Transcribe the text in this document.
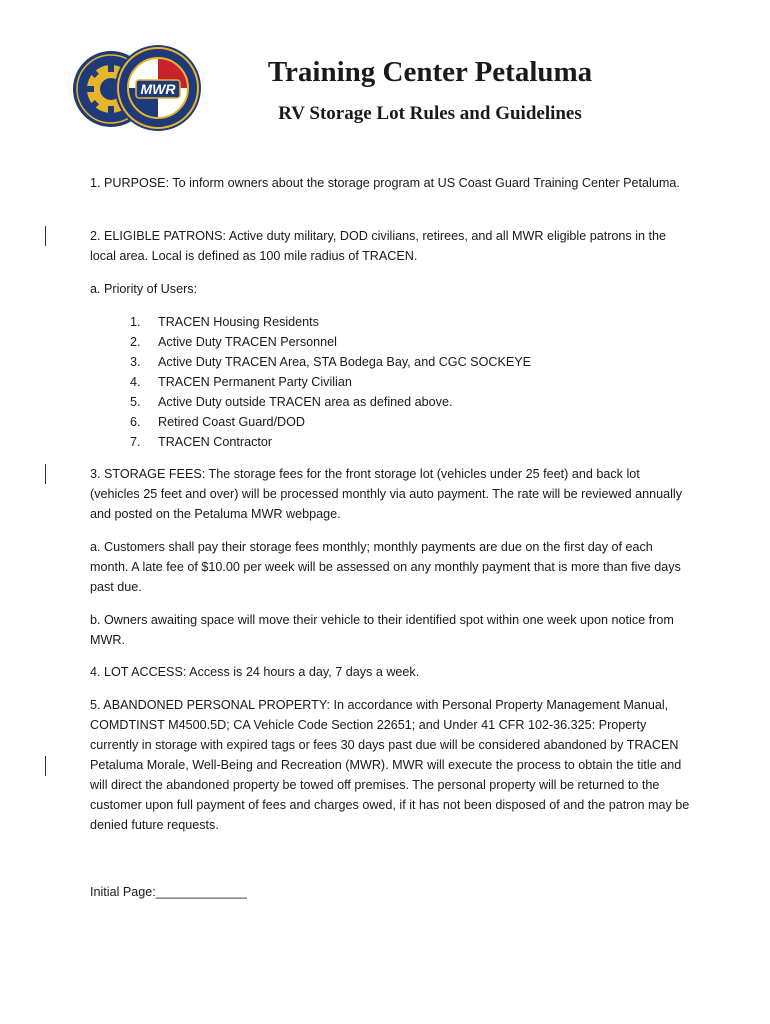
MWR
Training Center Petaluma
RV Storage Lot Rules and Guidelines

1. PURPOSE: To inform owners about the storage program at US Coast Guard Training Center Petaluma.

2. ELIGIBLE PATRONS: Active duty military, DOD civilians, retirees, and all MWR eligible patrons in the local area. Local is defined as 100 mile radius of TRACEN.

a. Priority of Users:

1.	TRACEN Housing Residents
2.	Active Duty TRACEN Personnel
3.	Active Duty TRACEN Area, STA Bodega Bay, and CGC SOCKEYE
4.	TRACEN Permanent Party Civilian
5.	Active Duty outside TRACEN area as defined above.
6.	Retired Coast Guard/DOD
7.	TRACEN Contractor

3. STORAGE FEES: The storage fees for the front storage lot (vehicles under 25 feet) and back lot (vehicles 25 feet and over) will be processed monthly via auto payment. The rate will be reviewed annually and posted on the Petaluma MWR webpage.

a. Customers shall pay their storage fees monthly; monthly payments are due on the first day of each month. A late fee of $10.00 per week will be assessed on any monthly payment that is more than five days past due.

b. Owners awaiting space will move their vehicle to their identified spot within one week upon notice from MWR.

4. LOT ACCESS: Access is 24 hours a day, 7 days a week.

5. ABANDONED PERSONAL PROPERTY: In accordance with Personal Property Management Manual, COMDTINST M4500.5D; CA Vehicle Code Section 22651; and Under 41 CFR 102-36.325: Property currently in storage with expired tags or fees 30 days past due will be considered abandoned by TRACEN Petaluma Morale, Well-Being and Recreation (MWR). MWR will execute the process to obtain the title and will direct the abandoned property be towed off premises. The personal property will be returned to the customer upon full payment of fees and charges owed, if it has not been disposed of and the patron may be denied future requests.

Initial Page:_____________
